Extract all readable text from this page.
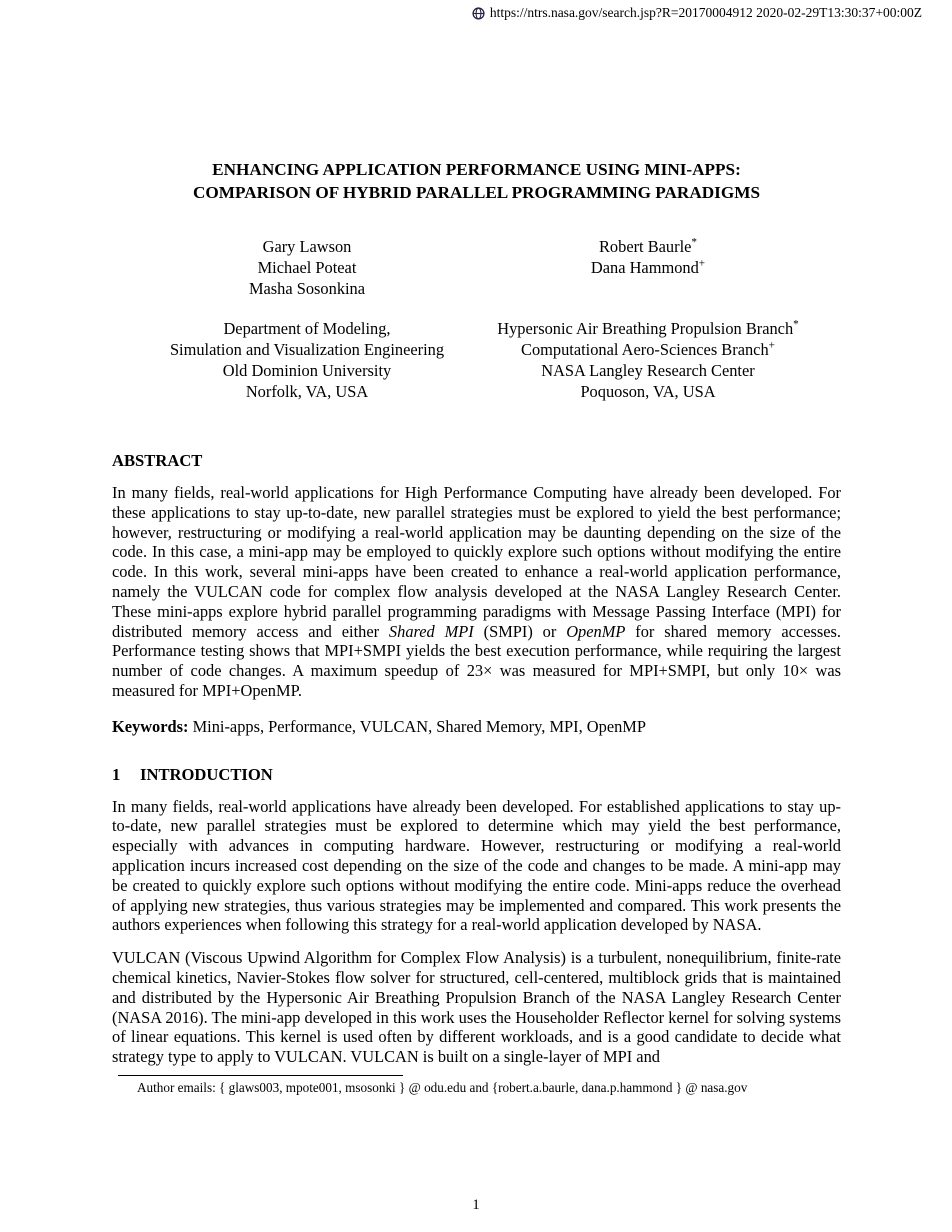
https://ntrs.nasa.gov/search.jsp?R=20170004912 2020-02-29T13:30:37+00:00Z
ENHANCING APPLICATION PERFORMANCE USING MINI-APPS:
COMPARISON OF HYBRID PARALLEL PROGRAMMING PARADIGMS
Gary Lawson
Michael Poteat
Masha Sosonkina
Robert Baurle*
Dana Hammond+
Department of Modeling,
Simulation and Visualization Engineering
Old Dominion University
Norfolk, VA, USA
Hypersonic Air Breathing Propulsion Branch*
Computational Aero-Sciences Branch+
NASA Langley Research Center
Poquoson, VA, USA
ABSTRACT

In many fields, real-world applications for High Performance Computing have already been developed. For these applications to stay up-to-date, new parallel strategies must be explored to yield the best performance; however, restructuring or modifying a real-world application may be daunting depending on the size of the code. In this case, a mini-app may be employed to quickly explore such options without modifying the entire code. In this work, several mini-apps have been created to enhance a real-world application performance, namely the VULCAN code for complex flow analysis developed at the NASA Langley Research Center. These mini-apps explore hybrid parallel programming paradigms with Message Passing Interface (MPI) for distributed memory access and either Shared MPI (SMPI) or OpenMP for shared memory accesses. Performance testing shows that MPI+SMPI yields the best execution performance, while requiring the largest number of code changes. A maximum speedup of 23× was measured for MPI+SMPI, but only 10× was measured for MPI+OpenMP.

Keywords: Mini-apps, Performance, VULCAN, Shared Memory, MPI, OpenMP

1 INTRODUCTION

In many fields, real-world applications have already been developed. For established applications to stay up-to-date, new parallel strategies must be explored to determine which may yield the best performance, especially with advances in computing hardware. However, restructuring or modifying a real-world application incurs increased cost depending on the size of the code and changes to be made. A mini-app may be created to quickly explore such options without modifying the entire code. Mini-apps reduce the overhead of applying new strategies, thus various strategies may be implemented and compared. This work presents the authors experiences when following this strategy for a real-world application developed by NASA.

VULCAN (Viscous Upwind Algorithm for Complex Flow Analysis) is a turbulent, nonequilibrium, finite-rate chemical kinetics, Navier-Stokes flow solver for structured, cell-centered, multiblock grids that is maintained and distributed by the Hypersonic Air Breathing Propulsion Branch of the NASA Langley Research Center (NASA 2016). The mini-app developed in this work uses the Householder Reflector kernel for solving systems of linear equations. This kernel is used often by different workloads, and is a good candidate to decide what strategy type to apply to VULCAN. VULCAN is built on a single-layer of MPI and

Author emails: { glaws003, mpote001, msosonki } @ odu.edu and {robert.a.baurle, dana.p.hammond } @ nasa.gov
1
